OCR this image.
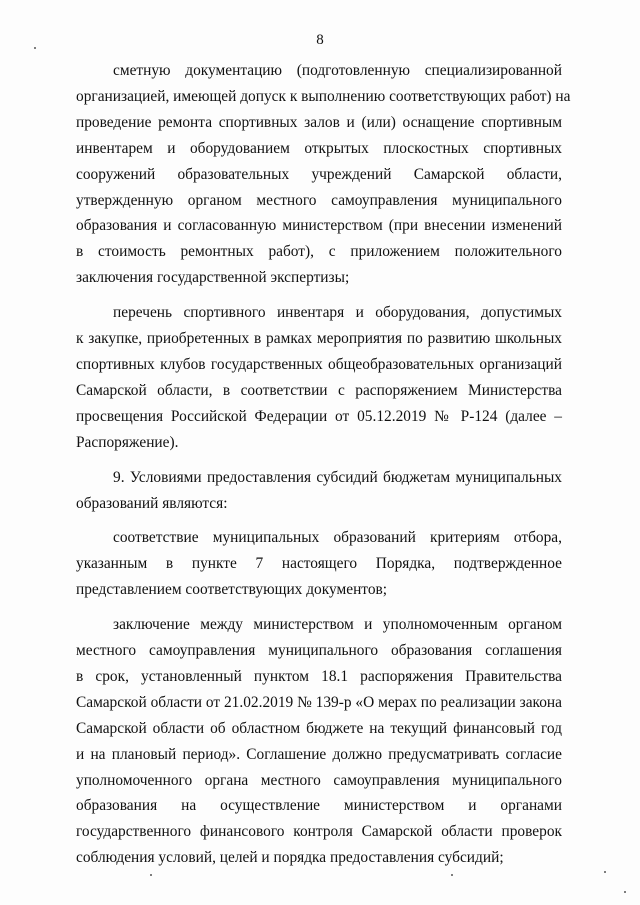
8
сметную документацию (подготовленную специализированной
организацией, имеющей допуск к выполнению соответствующих работ) на
проведение ремонта спортивных залов и (или) оснащение спортивным
инвентарем и оборудованием открытых плоскостных спортивных
сооружений образовательных учреждений Самарской области,
утвержденную органом местного самоуправления муниципального
образования и согласованную министерством (при внесении изменений
в стоимость ремонтных работ), с приложением положительного
заключения государственной экспертизы;
перечень спортивного инвентаря и оборудования, допустимых
к закупке, приобретенных в рамках мероприятия по развитию школьных
спортивных клубов государственных общеобразовательных организаций
Самарской области, в соответствии с распоряжением Министерства
просвещения Российской Федерации от 05.12.2019 № Р-124 (далее –
Распоряжение).
9. Условиями предоставления субсидий бюджетам муниципальных
образований являются:
соответствие муниципальных образований критериям отбора,
указанным в пункте 7 настоящего Порядка, подтвержденное
представлением соответствующих документов;
заключение между министерством и уполномоченным органом
местного самоуправления муниципального образования соглашения
в срок, установленный пунктом 18.1 распоряжения Правительства
Самарской области от 21.02.2019 № 139-р «О мерах по реализации закона
Самарской области об областном бюджете на текущий финансовый год
и на плановый период». Соглашение должно предусматривать согласие
уполномоченного органа местного самоуправления муниципального
образования на осуществление министерством и органами
государственного финансового контроля Самарской области проверок
соблюдения условий, целей и порядка предоставления субсидий;
